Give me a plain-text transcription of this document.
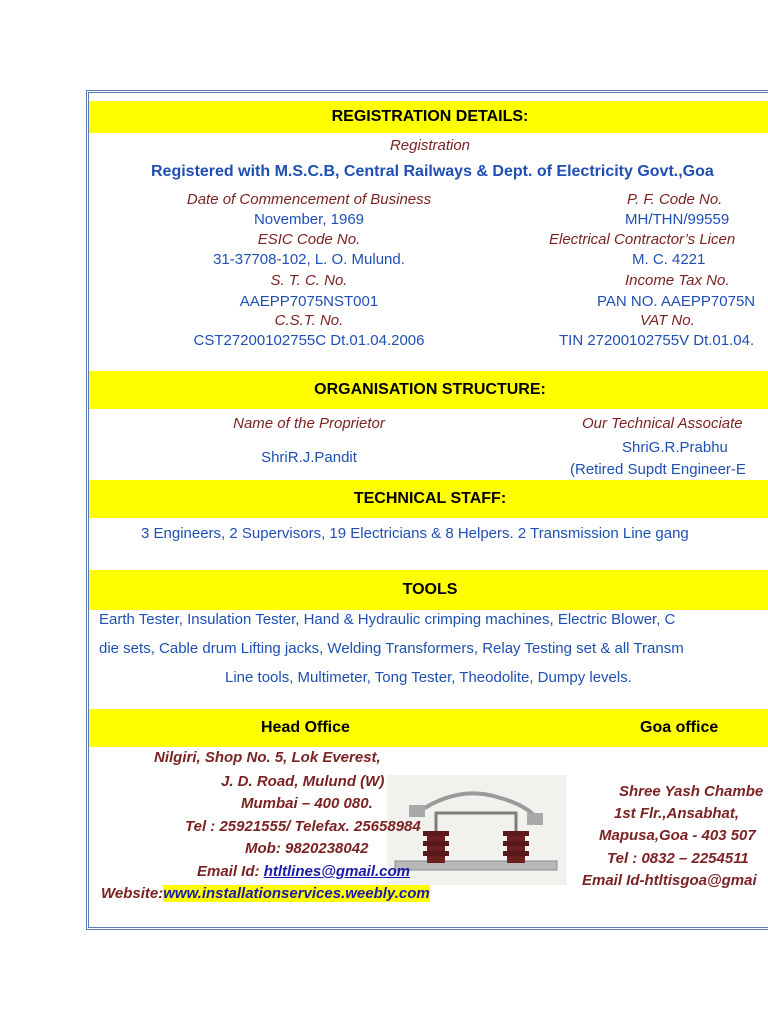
REGISTRATION DETAILS:
Registration
Registered with M.S.C.B, Central Railways & Dept. of Electricity Govt.,Goa
Date of Commencement of Business
November, 1969
ESIC Code No.
31-37708-102, L. O. Mulund.
S. T. C. No.
AAEPP7075NST001
C.S.T. No.
CST27200102755C Dt.01.04.2006
P. F. Code No.
MH/THN/99559
Electrical Contractor’s Licen
M. C. 4221
Income Tax No.
PAN NO. AAEPP7075N
VAT No.
TIN 27200102755V Dt.01.04.
ORGANISATION STRUCTURE:
Name of the Proprietor
ShriR.J.Pandit
Our Technical Associate
ShriG.R.Prabhu
(Retired Supdt Engineer-E
TECHNICAL STAFF:
3 Engineers, 2 Supervisors, 19 Electricians & 8 Helpers. 2 Transmission Line gang
TOOLS
Earth Tester, Insulation Tester, Hand & Hydraulic crimping machines, Electric Blower, C
die sets, Cable drum Lifting jacks, Welding Transformers, Relay Testing set & all Transm
Line tools, Multimeter, Tong Tester, Theodolite, Dumpy levels.
Head Office	Goa office
Nilgiri, Shop No. 5, Lok Everest,
J. D. Road, Mulund (W)
Mumbai – 400 080.
Tel : 25921555/ Telefax. 25658984
Mob: 9820238042
Email Id: htltlines@gmail.com
Website:www.installationservices.weebly.com
Shree Yash Chambe
1st Flr.,Ansabhat,
Mapusa,Goa - 403 507
Tel : 0832 – 2254511
Email Id-htltisgoa@gmai
